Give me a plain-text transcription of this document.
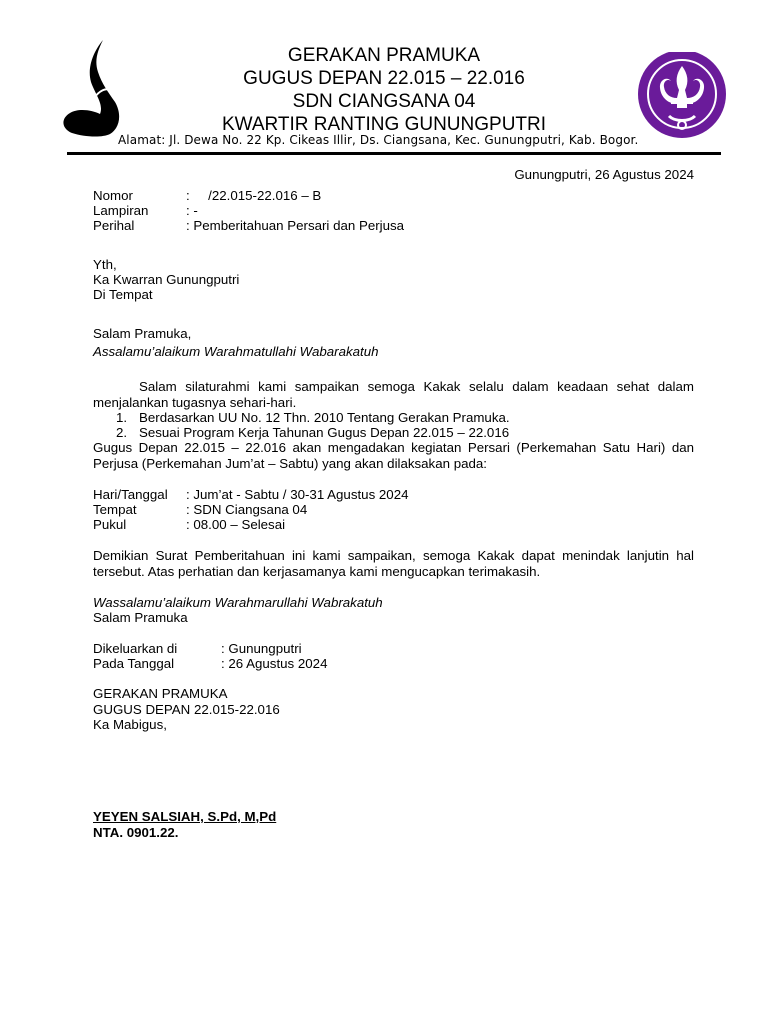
GERAKAN PRAMUKA
GUGUS DEPAN 22.015 – 22.016
SDN CIANGSANA 04
KWARTIR RANTING GUNUNGPUTRI
Alamat: Jl. Dewa No. 22 Kp. Cikeas Illir, Ds. Ciangsana, Kec. Gunungputri, Kab. Bogor.
Gunungputri, 26 Agustus 2024
Nomor	:     /22.015-22.016 – B
Lampiran	: -
Perihal	: Pemberitahuan Persari dan Perjusa
Yth,
Ka Kwarran Gunungputri
Di Tempat
Salam Pramuka,
Assalamu’alaikum Warahmatullahi Wabarakatuh
Salam silaturahmi kami sampaikan semoga Kakak selalu dalam keadaan sehat dalam menjalankan tugasnya sehari-hari.
1. Berdasarkan UU No. 12 Thn. 2010 Tentang Gerakan Pramuka.
2. Sesuai Program Kerja Tahunan Gugus Depan 22.015 – 22.016
Gugus Depan 22.015 – 22.016 akan mengadakan kegiatan Persari (Perkemahan Satu Hari) dan Perjusa (Perkemahan Jum’at – Sabtu) yang akan dilaksakan pada:
Hari/Tanggal : Jum’at - Sabtu / 30-31 Agustus 2024
Tempat	: SDN Ciangsana 04
Pukul	: 08.00 – Selesai
Demikian Surat Pemberitahuan ini kami sampaikan, semoga Kakak dapat menindak lanjutin hal tersebut. Atas perhatian dan kerjasamanya kami mengucapkan terimakasih.
Wassalamu’alaikum Warahmarullahi Wabrakatuh
Salam Pramuka
Dikeluarkan di	: Gunungputri
Pada Tanggal	: 26 Agustus 2024
GERAKAN PRAMUKA
GUGUS DEPAN 22.015-22.016
Ka Mabigus,
YEYEN SALSIAH, S.Pd, M,Pd
NTA. 0901.22.
